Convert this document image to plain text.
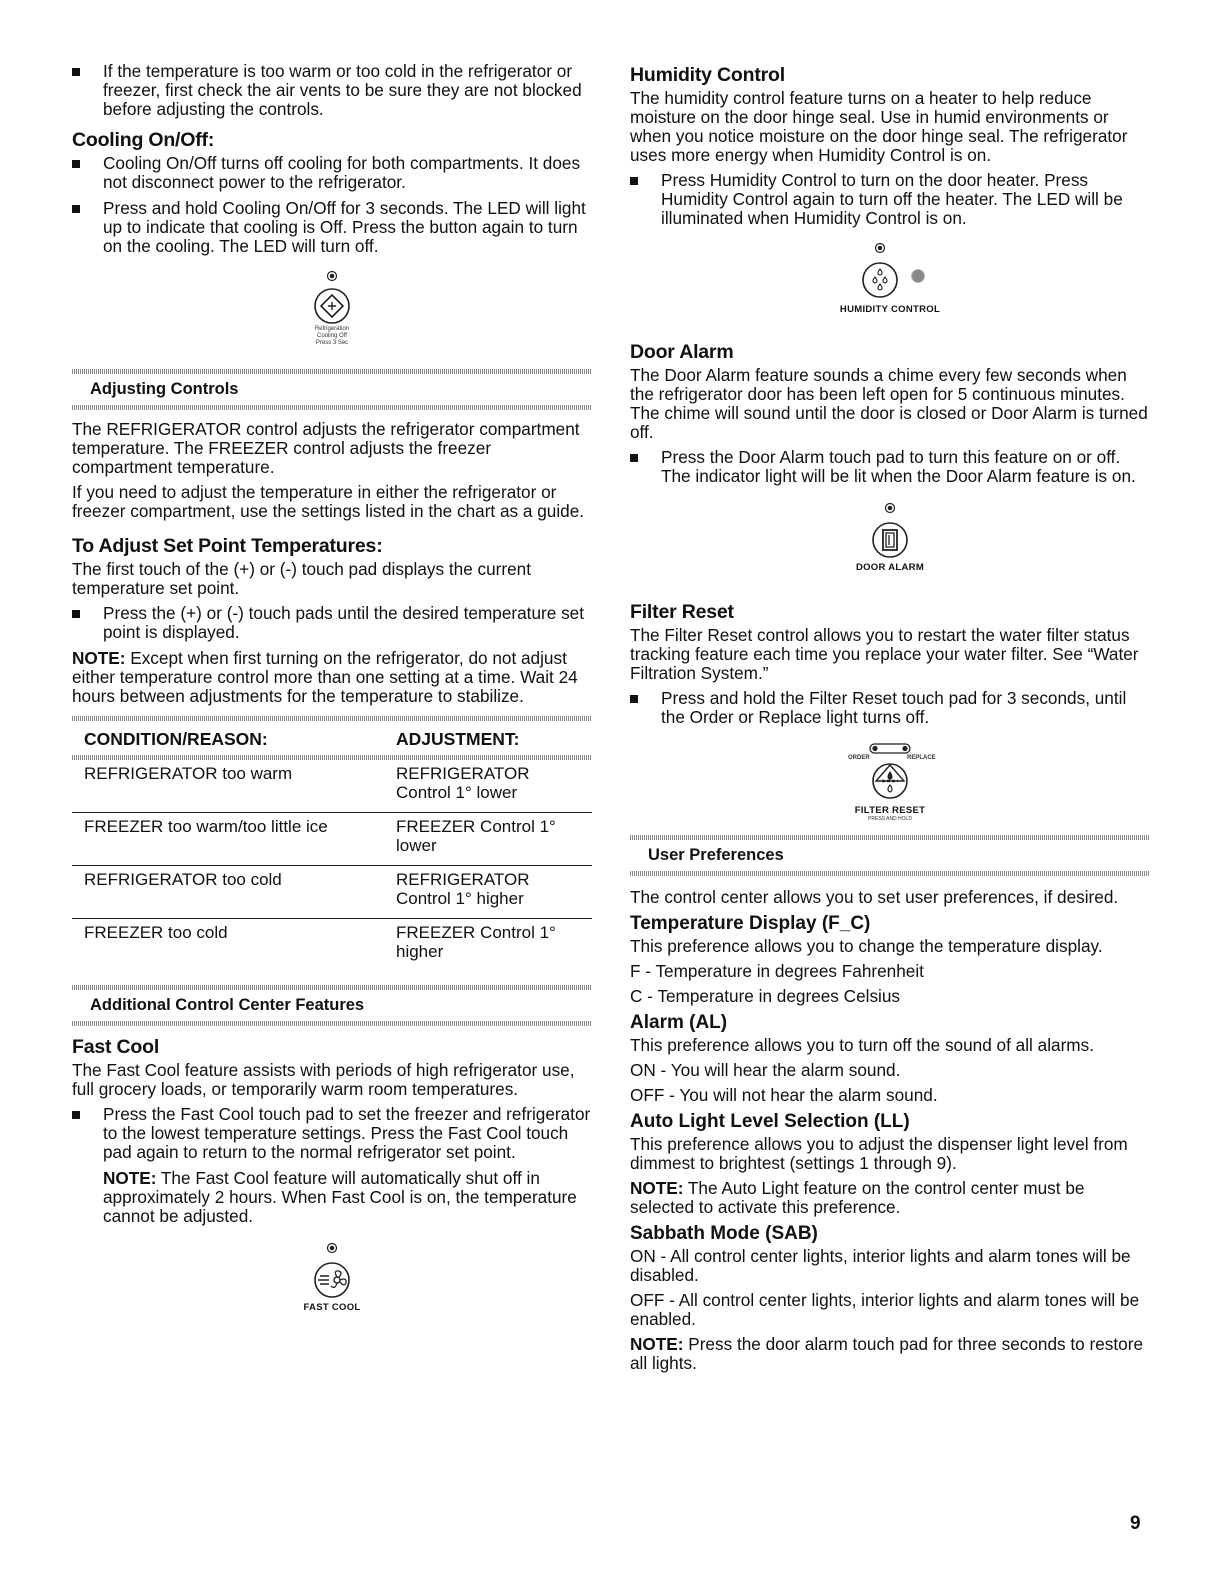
If the temperature is too warm or too cold in the refrigerator or freezer, first check the air vents to be sure they are not blocked before adjusting the controls.
Cooling On/Off:
Cooling On/Off turns off cooling for both compartments. It does not disconnect power to the refrigerator.
Press and hold Cooling On/Off for 3 seconds. The LED will light up to indicate that cooling is Off. Press the button again to turn on the cooling. The LED will turn off.
Refrigeration
Cooling Off
Press 3 Sec
Adjusting Controls

The REFRIGERATOR control adjusts the refrigerator compartment temperature. The FREEZER control adjusts the freezer compartment temperature.

If you need to adjust the temperature in either the refrigerator or freezer compartment, use the settings listed in the chart as a guide.

To Adjust Set Point Temperatures:

The first touch of the (+) or (-) touch pad displays the current temperature set point.

Press the (+) or (-) touch pads until the desired temperature set point is displayed.

NOTE: Except when first turning on the refrigerator, do not adjust either temperature control more than one setting at a time. Wait 24 hours between adjustments for the temperature to stabilize.

CONDITION/REASON:	ADJUSTMENT:

REFRIGERATOR too warm	REFRIGERATOR Control 1° lower
FREEZER too warm/too little ice	FREEZER Control 1° lower
REFRIGERATOR too cold	REFRIGERATOR Control 1° higher
FREEZER too cold	FREEZER Control 1° higher
Additional Control Center Features
Fast Cool

The Fast Cool feature assists with periods of high refrigerator use, full grocery loads, or temporarily warm room temperatures.

Press the Fast Cool touch pad to set the freezer and refrigerator to the lowest temperature settings. Press the Fast Cool touch pad again to return to the normal refrigerator set point.

NOTE: The Fast Cool feature will automatically shut off in approximately 2 hours. When Fast Cool is on, the temperature cannot be adjusted.

FAST COOL
Humidity Control

The humidity control feature turns on a heater to help reduce moisture on the door hinge seal. Use in humid environments or when you notice moisture on the door hinge seal. The refrigerator uses more energy when Humidity Control is on.

Press Humidity Control to turn on the door heater. Press Humidity Control again to turn off the heater. The LED will be illuminated when Humidity Control is on.
HUMIDITY CONTROL
Door Alarm

The Door Alarm feature sounds a chime every few seconds when the refrigerator door has been left open for 5 continuous minutes. The chime will sound until the door is closed or Door Alarm is turned off.

Press the Door Alarm touch pad to turn this feature on or off. The indicator light will be lit when the Door Alarm feature is on.
DOOR ALARM
Filter Reset

The Filter Reset control allows you to restart the water filter status tracking feature each time you replace your water filter. See “Water Filtration System.”

Press and hold the Filter Reset touch pad for 3 seconds, until the Order or Replace light turns off.
ORDER	REPLACE
FILTER RESET
PRESS AND HOLD
User Preferences

The control center allows you to set user preferences, if desired.

Temperature Display (F_C)

This preference allows you to change the temperature display.

F - Temperature in degrees Fahrenheit

C - Temperature in degrees Celsius

Alarm (AL)

This preference allows you to turn off the sound of all alarms.

ON - You will hear the alarm sound.

OFF - You will not hear the alarm sound.

Auto Light Level Selection (LL)

This preference allows you to adjust the dispenser light level from dimmest to brightest (settings 1 through 9).

NOTE: The Auto Light feature on the control center must be selected to activate this preference.

Sabbath Mode (SAB)

ON - All control center lights, interior lights and alarm tones will be disabled.

OFF - All control center lights, interior lights and alarm tones will be enabled.

NOTE: Press the door alarm touch pad for three seconds to restore all lights.

9
